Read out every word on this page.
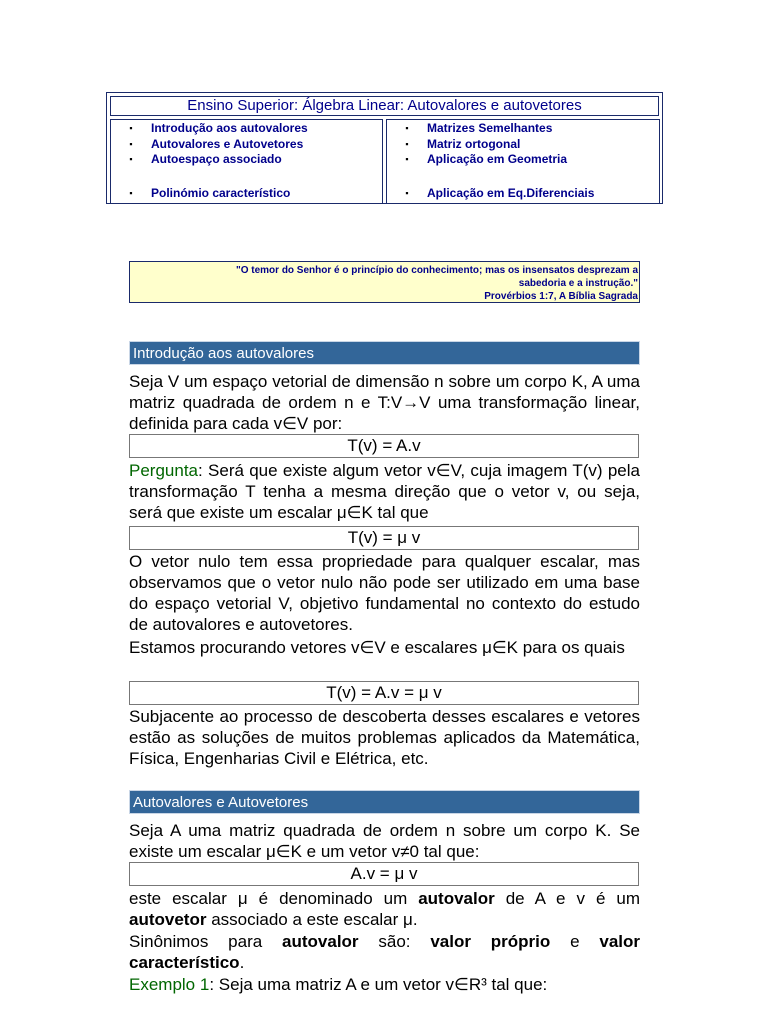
Ensino Superior: Álgebra Linear: Autovalores e autovetores
▪ Introdução aos autovalores
▪ Autovalores e Autovetores
▪ Autoespaço associado
▪ Polinómio característico
▪ Matrizes Semelhantes
▪ Matriz ortogonal
▪ Aplicação em Geometria
▪ Aplicação em Eq.Diferenciais
"O temor do Senhor é o princípio do conhecimento; mas os insensatos desprezam a
sabedoria e a instrução."
Provérbios 1:7, A Bíblia Sagrada
Introdução aos autovalores
Seja V um espaço vetorial de dimensão n sobre um corpo K, A uma matriz quadrada de ordem n e T:V→V uma transformação linear, definida para cada v∈V por:
T(v) = A.v
Pergunta: Será que existe algum vetor v∈V, cuja imagem T(v) pela transformação T tenha a mesma direção que o vetor v, ou seja, será que existe um escalar μ∈K tal que
T(v) = μ v
O vetor nulo tem essa propriedade para qualquer escalar, mas observamos que o vetor nulo não pode ser utilizado em uma base do espaço vetorial V, objetivo fundamental no contexto do estudo de autovalores e autovetores.
Estamos procurando vetores v∈V e escalares μ∈K para os quais
T(v) = A.v = μ v
Subjacente ao processo de descoberta desses escalares e vetores estão as soluções de muitos problemas aplicados da Matemática, Física, Engenharias Civil e Elétrica, etc.
Autovalores e Autovetores
Seja A uma matriz quadrada de ordem n sobre um corpo K. Se existe um escalar μ∈K e um vetor v≠0 tal que:
A.v = μ v
este escalar μ é denominado um autovalor de A e v é um autovetor associado a este escalar μ.
Sinônimos para autovalor são: valor próprio e valor característico.
Exemplo 1: Seja uma matriz A e um vetor v∈R³ tal que:
